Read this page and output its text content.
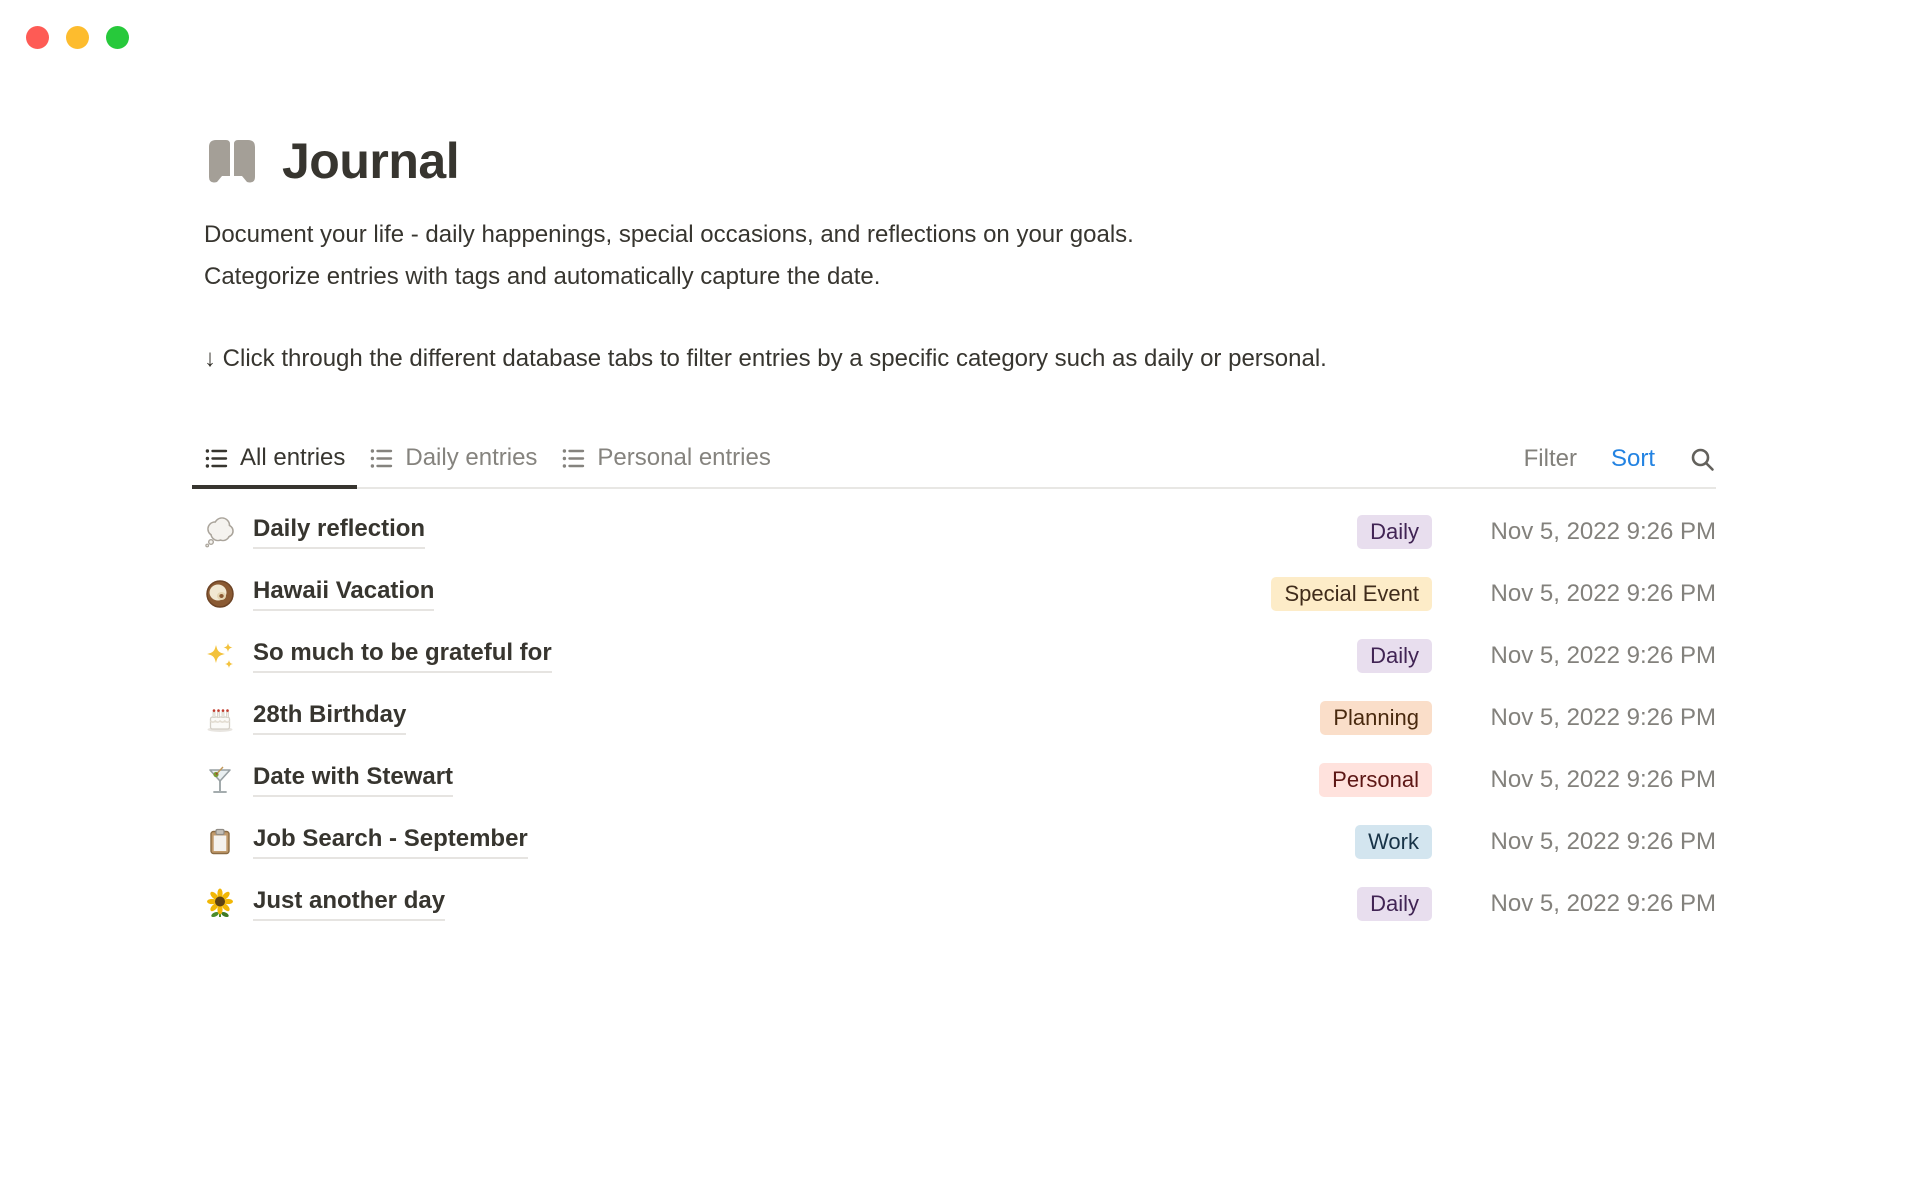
Journal

Document your life - daily happenings, special occasions, and reflections on your goals.

Categorize entries with tags and automatically capture the date.

↓ Click through the different database tabs to filter entries by a specific category such as daily or personal.

All entries	Daily entries	Personal entries	Filter Sort
Daily reflection	Daily	Nov 5, 2022 9:26 PM
Hawaii Vacation	Special Event	Nov 5, 2022 9:26 PM
So much to be grateful for	Daily	Nov 5, 2022 9:26 PM
28th Birthday	Planning	Nov 5, 2022 9:26 PM
Date with Stewart	Personal	Nov 5, 2022 9:26 PM
Job Search - September	Work	Nov 5, 2022 9:26 PM
Just another day	Daily	Nov 5, 2022 9:26 PM
